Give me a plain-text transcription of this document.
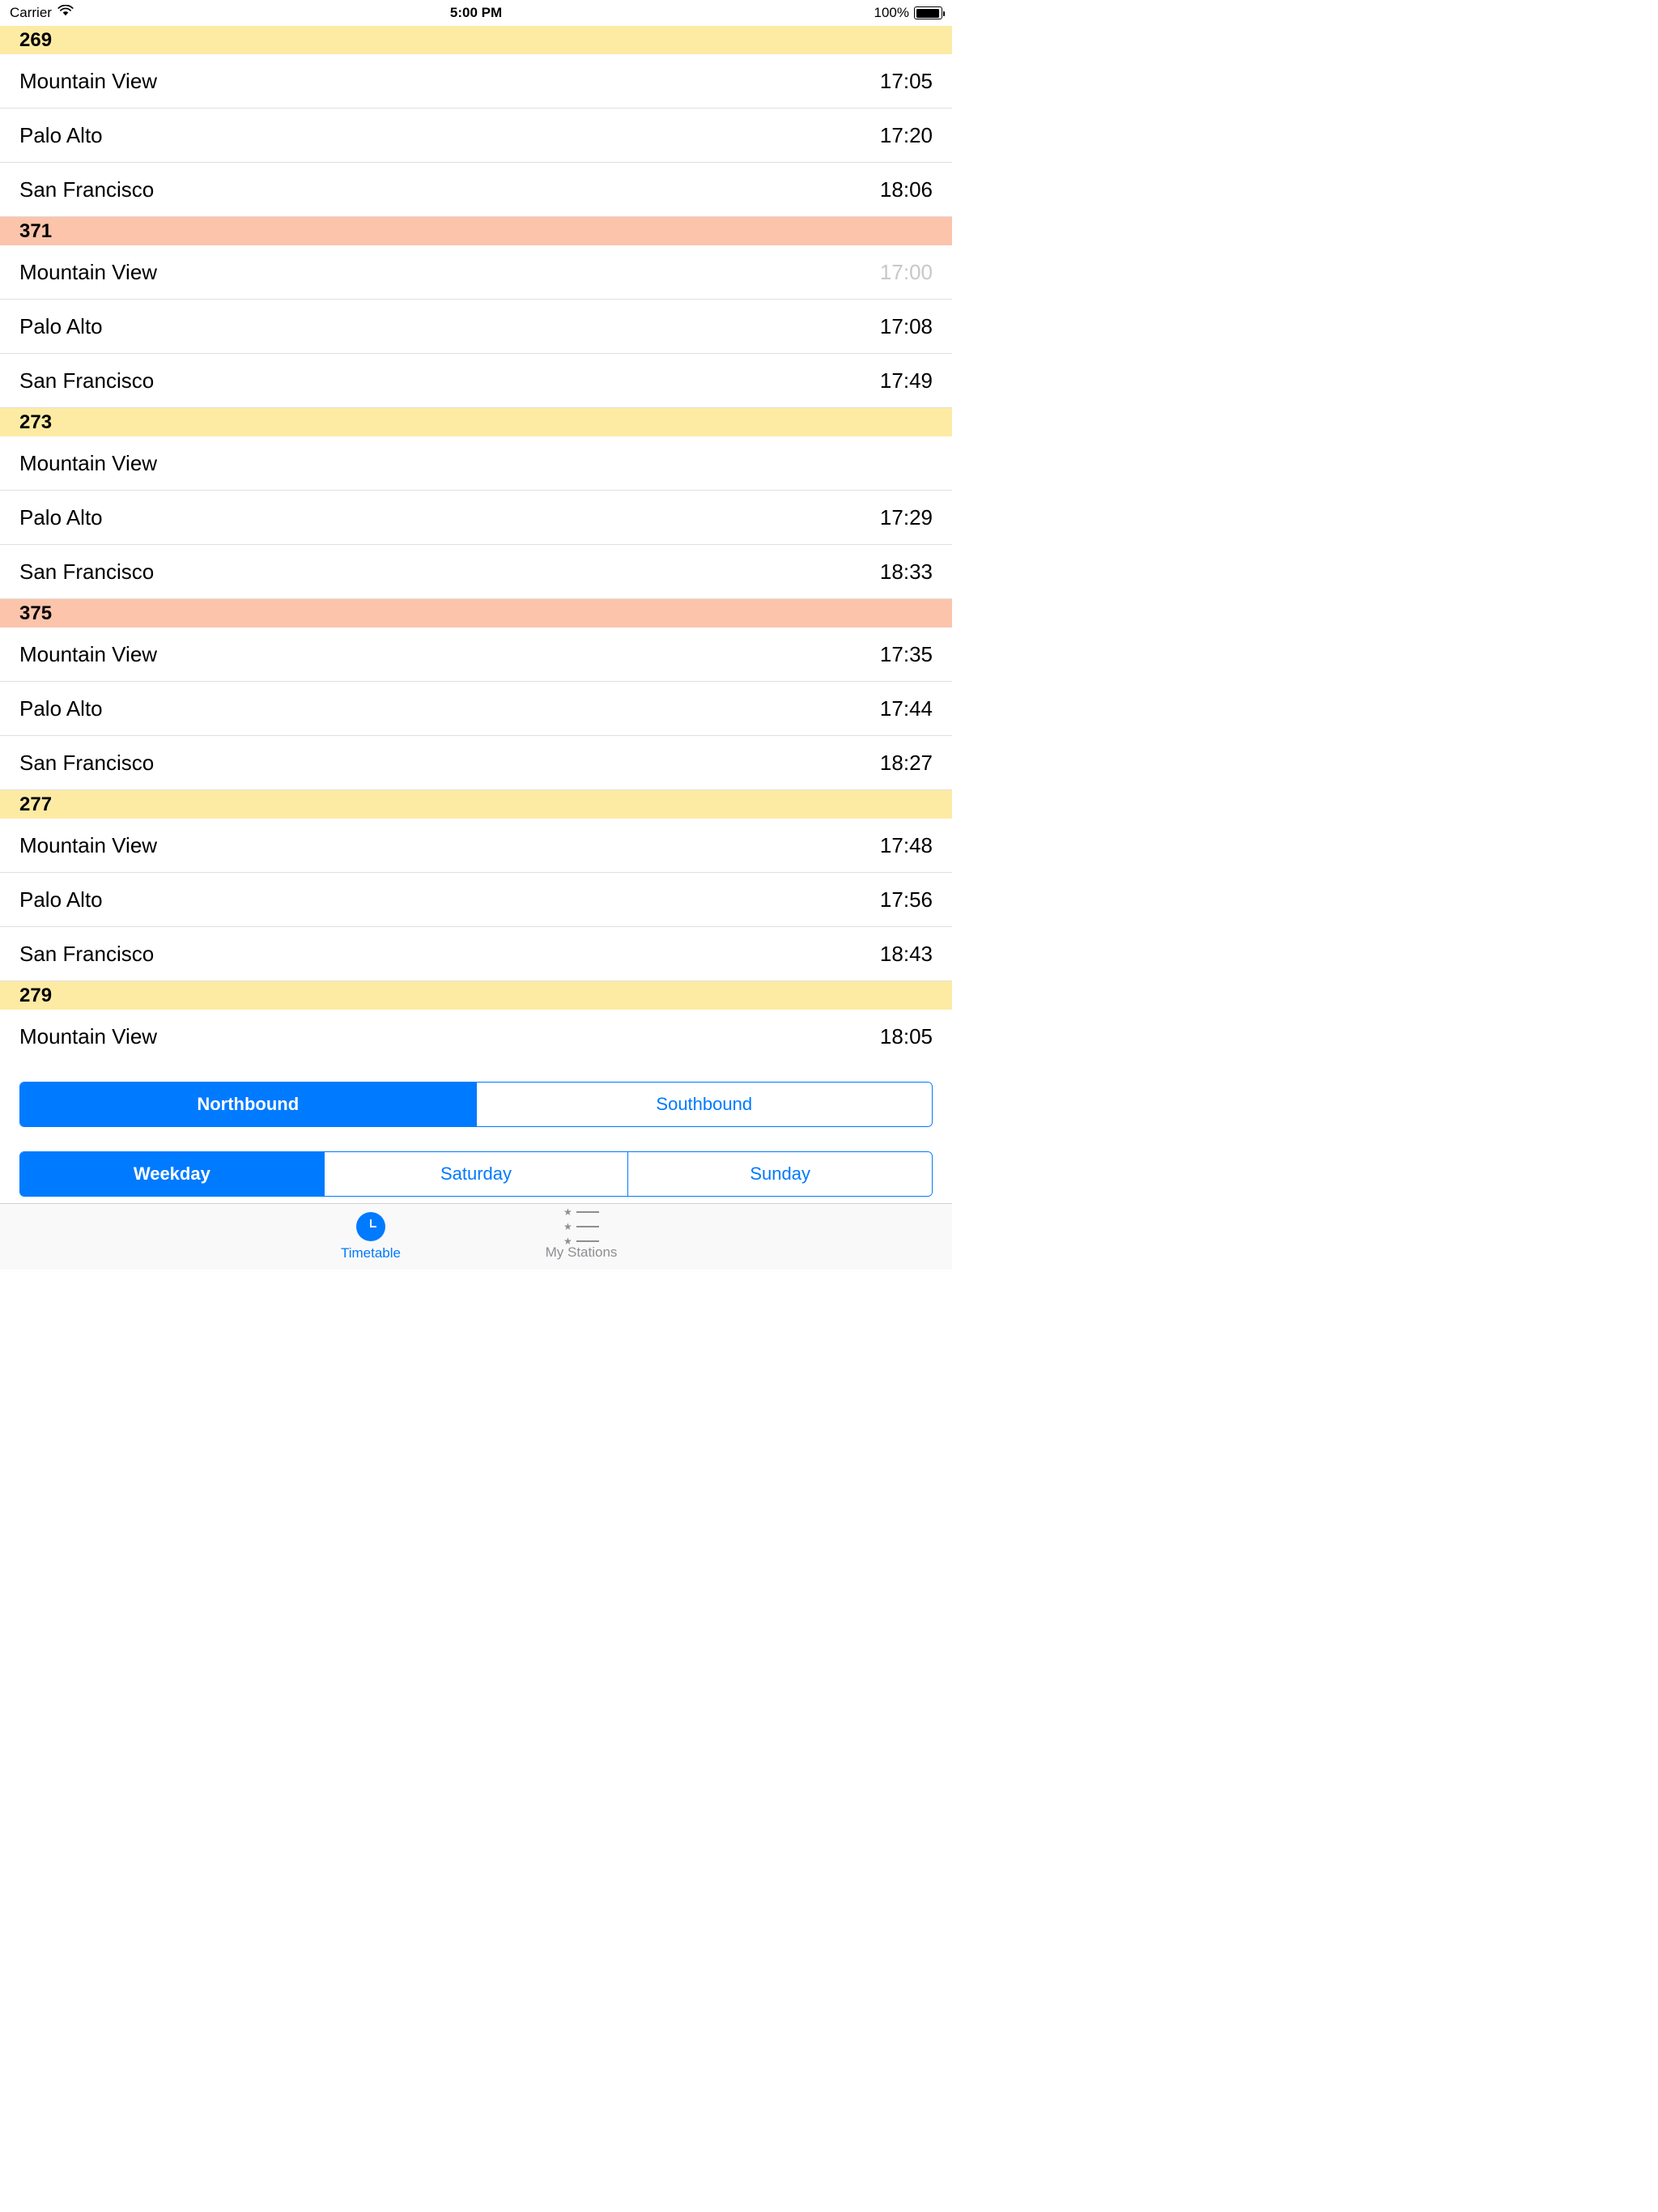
Carrier	5:00 PM	100%
269
Mountain View	17:05
Palo Alto	17:20
San Francisco	18:06
371
Mountain View	17:00
Palo Alto	17:08
San Francisco	17:49
273
Mountain View
Palo Alto	17:29
San Francisco	18:33
375
Mountain View	17:35
Palo Alto	17:44
San Francisco	18:27
277
Mountain View	17:48
Palo Alto	17:56
San Francisco	18:43
279
Mountain View	18:05
Northbound	Southbound
Weekday	Saturday	Sunday
Timetable
★
★
★
My Stations
